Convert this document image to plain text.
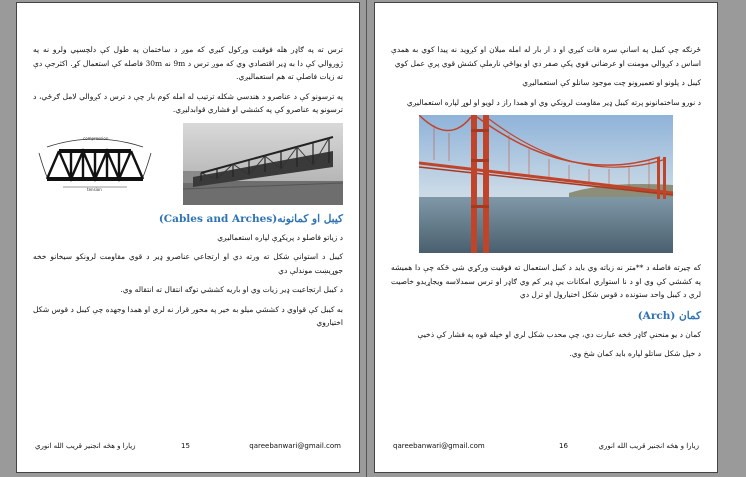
ترس ته په ګاډر هله فوقیت ورکول کیږي که موږ د ساختمان په طول کې دلچسپي ولرو نه په ژوروالي کې دا به ډیر اقتصادي وي که موږ ترس د 9m نه 30m فاصله کې استعمال کړ. اکثرجې دې ته زیات فاصلې ته هم استعمالیږي.

په ترسونو کې د عناصرو د هندسي شکله ترتیب له امله کوم بار چې د ترس د کږوالي لامل ګرځي، د ترسونو په عناصرو کې په کششي او فشاري قوابدلیږي.

compression
tension
کیبل او کمانونه(Cables and Arches)

د زیاتو فاصلو د پریکړې لپاره استعمالیږي

کیبل د استوانې شکل ته ورته دي او ارتجاعي عناصرو ډیر د قوي مقاومت لرونکو سیخانو خخه جوړیښت موندلې دي

د کیبل ارتجاعیت ډیر زیات وي او باریه کششي توګه انتقال ته انتقاله وي.

به کیبل کې قواوي د کششي میلو به خیر په محور قرار نه لري او همدا وجهده چې کیبل د قوس شکل اختیاروي

qareebanwari@gmail.com
15
زیارا و هڅه انجنیر قریب الله انوري

ځرنګه چې کیبل په اسانې سره قات کیږي او د ار بار له امله میلان او کږوید نه پیدا کوي به همدې اساس د کږوالي مومنت او عرضاني قوي پکې صفر دي او یواځې نارملې کشش قوي پرې عمل کوي

کیبل د پلونو او تعمیرونو چت موجود سانلو کې استعمالیږي

د نورو ساختمانونو پرته کیبل ډیر مقاومت لرونکي وي او همدا راز د لویو او لوړ لپاره استعمالیږي

که چیرته فاصله د **متر نه زیاته وي باید د کیبل استعمال ته فوقیت ورکړي شي ځکه چې دا همیشه په کششي کې وي او د نا استواري امکانات یې ډیر کم وي ګاډر او ترس سمدلاسه ویجاړیدو خاصیت لري د کیبل واحد ستونده د قوس شکل اختیارول او ترل دي

کمان (Arch)

کمان د یو منحنې ګاډر څخه عبارت دي، چې محدب شکل لري او خپله قوه په فشار کې ذخیې

د خپل شکل ساتلو لپاره باید کمان شخ وي.

qareebanwari@gmail.com	16	زیارا و هڅه انجنیر قریب الله انوري
